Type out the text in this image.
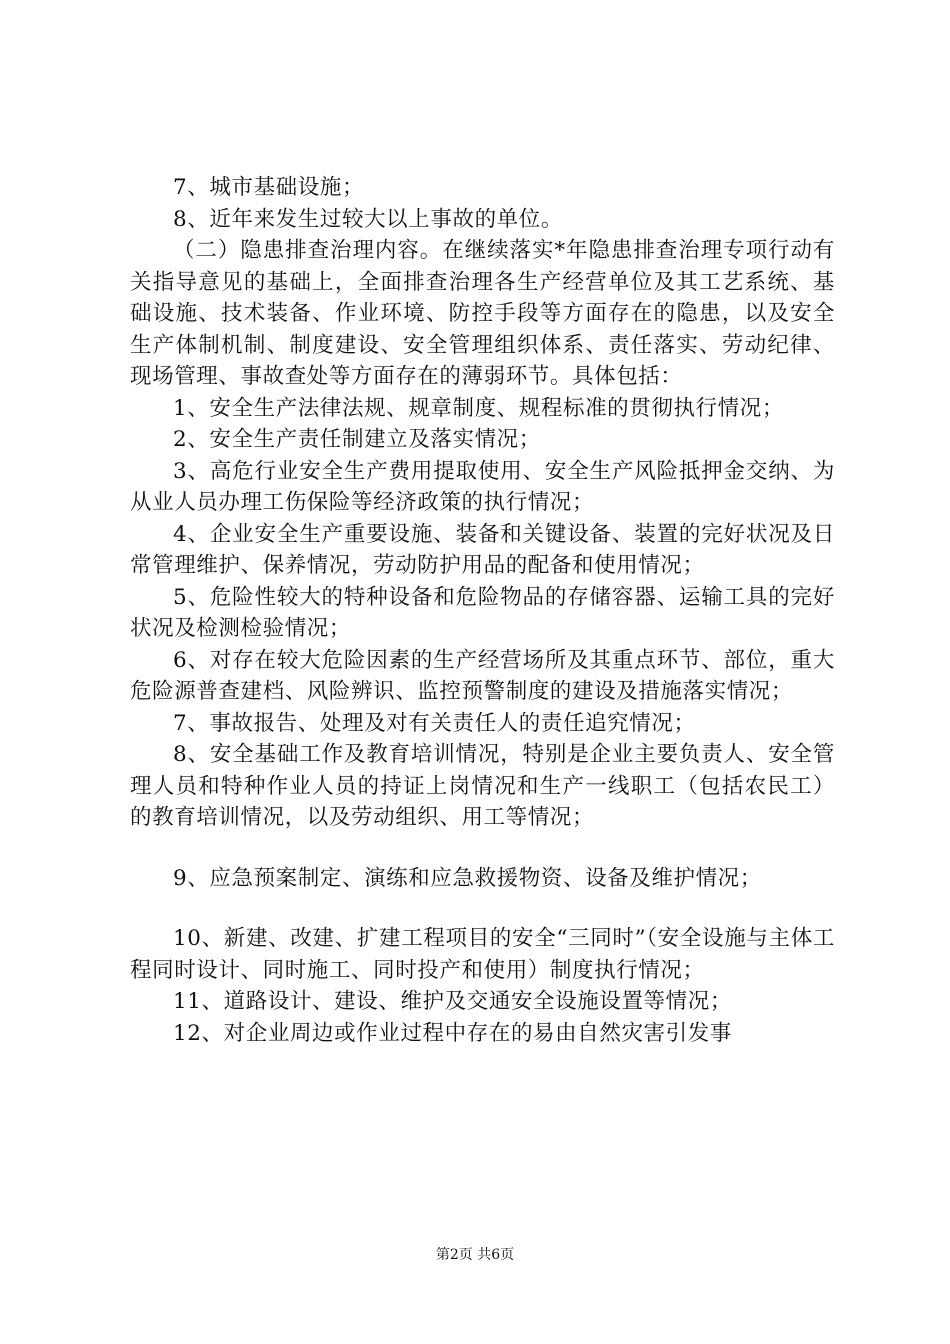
7、城市基础设施；

8、近年来发生过较大以上事故的单位。

（二）隐患排查治理内容。在继续落实*年隐患排查治理专项行动有关指导意见的基础上，全面排查治理各生产经营单位及其工艺系统、基础设施、技术装备、作业环境、防控手段等方面存在的隐患，以及安全生产体制机制、制度建设、安全管理组织体系、责任落实、劳动纪律、现场管理、事故查处等方面存在的薄弱环节。具体包括：

1、安全生产法律法规、规章制度、规程标准的贯彻执行情况；

2、安全生产责任制建立及落实情况；

3、高危行业安全生产费用提取使用、安全生产风险抵押金交纳、为从业人员办理工伤保险等经济政策的执行情况；

4、企业安全生产重要设施、装备和关键设备、装置的完好状况及日常管理维护、保养情况，劳动防护用品的配备和使用情况；

5、危险性较大的特种设备和危险物品的存储容器、运输工具的完好状况及检测检验情况；

6、对存在较大危险因素的生产经营场所及其重点环节、部位，重大危险源普查建档、风险辨识、监控预警制度的建设及措施落实情况；

7、事故报告、处理及对有关责任人的责任追究情况；

8、安全基础工作及教育培训情况，特别是企业主要负责人、安全管理人员和特种作业人员的持证上岗情况和生产一线职工（包括农民工）的教育培训情况，以及劳动组织、用工等情况；

9、应急预案制定、演练和应急救援物资、设备及维护情况；

10、新建、改建、扩建工程项目的安全“三同时”（安全设施与主体工程同时设计、同时施工、同时投产和使用）制度执行情况；

11、道路设计、建设、维护及交通安全设施设置等情况；

12、对企业周边或作业过程中存在的易由自然灾害引发事

第2页 共6页
